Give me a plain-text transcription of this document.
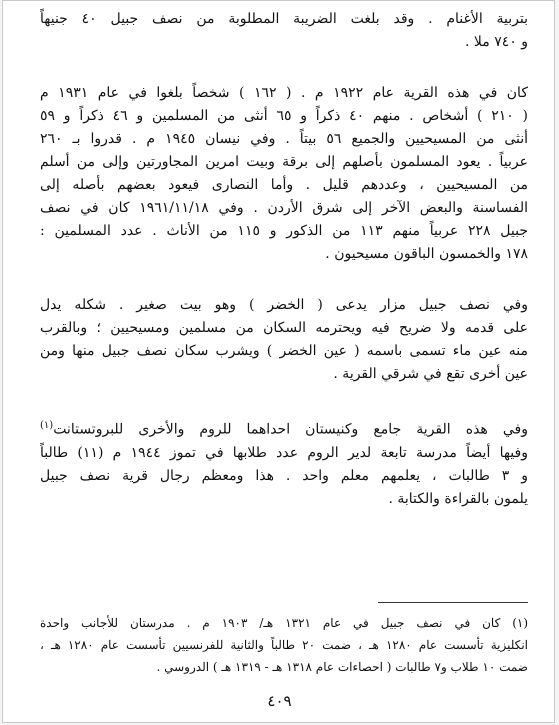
بتربية الأغنام . وقد بلغت الضريبة المطلوبة من نصف جبيل ٤٠ جنيهاً
و ٧٤٠ ملا .
كان في هذه القرية عام ١٩٢٢ م . ( ١٦٢ ) شخصاً بلغوا في عام ١٩٣١ م
( ٢١٠ ) أشخاص . منهم ٤٠ ذكراً و ٦٥ أنثى من المسلمين و ٤٦ ذكراً و ٥٩
أنثى من المسيحيين والجميع ٥٦ بيتاً . وفي نيسان ١٩٤٥ م . قدروا بـ ٢٦٠
عربياً . يعود المسلمون بأصلهم إلى برقة وبيت امرين المجاورتين وإلى من أسلم
من المسيحيين ، وعددهم قليل . وأما النصارى فيعود بعضهم بأصله إلى
الفساسنة والبعض الآخر إلى شرق الأردن . وفي ١٩٦١/١١/١٨ كان في نصف
جبيل ٢٢٨ عربياً منهم ١١٣ من الذكور و ١١٥ من الأناث . عدد المسلمين :
١٧٨ والخمسون الباقون مسيحيون .
وفي نصف جبيل مزار يدعى ( الخضر ) وهو بيت صغير . شكله يدل
على قدمه ولا ضريح فيه ويحترمه السكان من مسلمين ومسيحيين ؛ وبالقرب
منه عين ماء تسمى باسمه ( عين الخضر ) ويشرب سكان نصف جبيل منها ومن
عين أخرى تقع في شرقي القرية .
وفي هذه القرية جامع وكنيستان احداهما للروم والأخرى للبروتستانت$^{(١)}$
وفيها أيضاً مدرسة تابعة لدير الروم عدد طلابها في تموز ١٩٤٤ م (١١) طالباً
و ٣ طالبات ، يعلمهم معلم واحد . هذا ومعظم رجال قرية نصف جبيل
يلمون بالقراءة والكتابة .
(١) كان في نصف جبيل في عام ١٣٢١ هـ/ ١٩٠٣ م . مدرستان للأجانب واحدة
انكليزية تأسست عام ١٢٨٠ هـ ، ضمت ٢٠ طالباً والثانية للفرنسيين تأسست عام ١٢٨٠ هـ ،
ضمت ١٠ طلاب و٧ طالبات ( احصاءات عام ١٣١٨ هـ - ١٣١٩ هـ ) الدروسي .
٤٠٩
